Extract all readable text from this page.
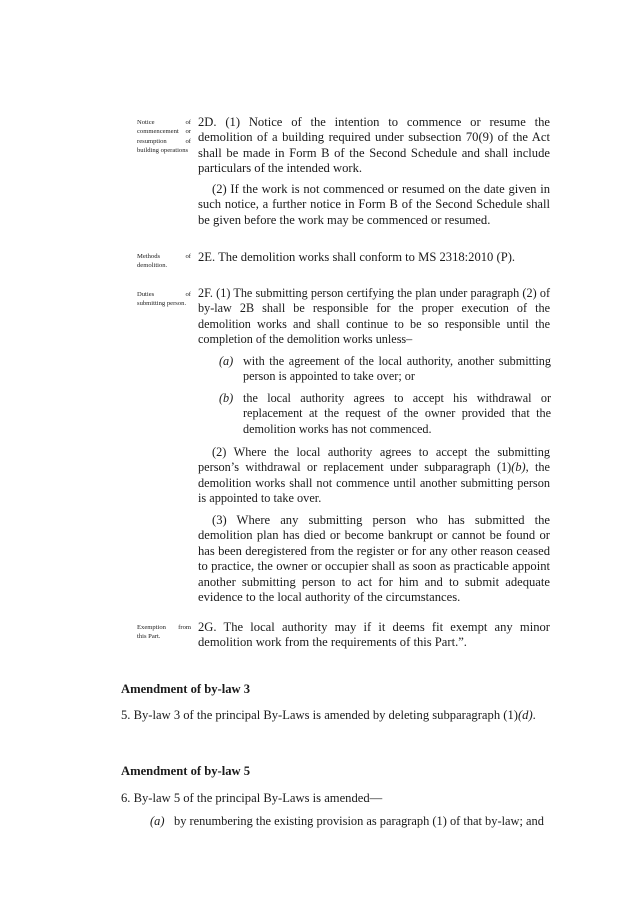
Notice of commencement or resumption of building operations

2D. (1) Notice of the intention to commence or resume the demolition of a building required under subsection 70(9) of the Act shall be made in Form B of the Second Schedule and shall include particulars of the intended work.

(2) If the work is not commenced or resumed on the date given in such notice, a further notice in Form B of the Second Schedule shall be given before the work may be commenced or resumed.

Methods of demolition.

2E. The demolition works shall conform to MS 2318:2010 (P).

Duties of submitting person.

2F. (1) The submitting person certifying the plan under paragraph (2) of by-law 2B shall be responsible for the proper execution of the demolition works and shall continue to be so responsible until the completion of the demolition works unless–

(a) with the agreement of the local authority, another submitting person is appointed to take over; or
(b) the local authority agrees to accept his withdrawal or replacement at the request of the owner provided that the demolition works has not commenced.

(2) Where the local authority agrees to accept the submitting person’s withdrawal or replacement under subparagraph (1)(b), the demolition works shall not commence until another submitting person is appointed to take over.

(3) Where any submitting person who has submitted the demolition plan has died or become bankrupt or cannot be found or has been deregistered from the register or for any other reason ceased to practice, the owner or occupier shall as soon as practicable appoint another submitting person to act for him and to submit adequate evidence to the local authority of the circumstances.

Exemption from this Part.

2G. The local authority may if it deems fit exempt any minor demolition work from the requirements of this Part.”.

Amendment of by-law 3

5. By-law 3 of the principal By-Laws is amended by deleting subparagraph (1)(d).

Amendment of by-law 5

6. By-law 5 of the principal By-Laws is amended—

(a) by renumbering the existing provision as paragraph (1) of that by-law; and
